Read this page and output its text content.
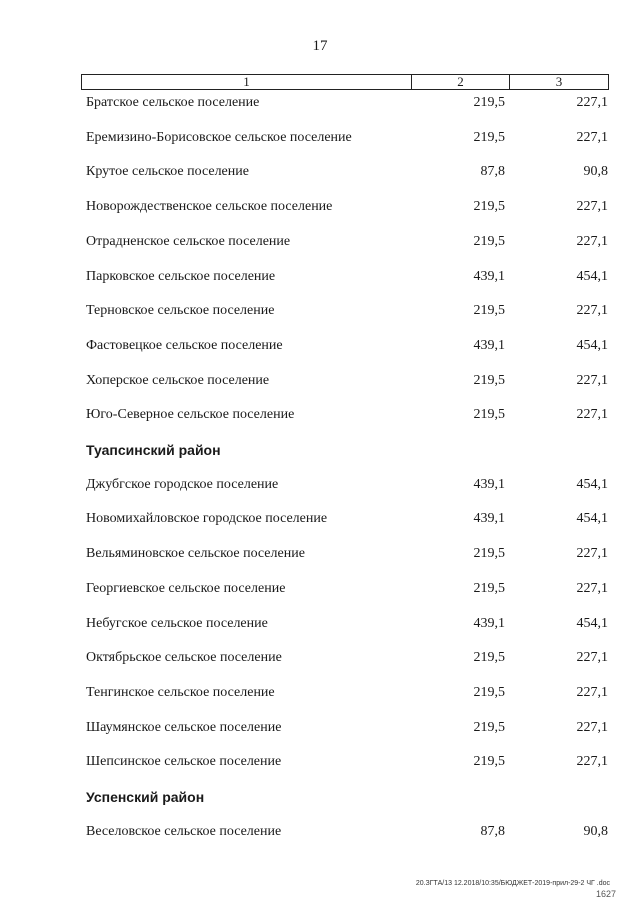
17
1	2	3
Братское сельское поселение	219,5	227,1
Еремизино-Борисовское сельское поселение	219,5	227,1
Крутое сельское поселение	87,8	90,8
Новорождественское сельское поселение	219,5	227,1
Отрадненское сельское поселение	219,5	227,1
Парковское сельское поселение	439,1	454,1
Терновское сельское поселение	219,5	227,1
Фастовецкое сельское поселение	439,1	454,1
Хоперское сельское поселение	219,5	227,1
Юго-Северное сельское поселение	219,5	227,1
Туапсинский район
Джубгское городское поселение	439,1	454,1
Новомихайловское городское поселение	439,1	454,1
Вельяминовское сельское поселение	219,5	227,1
Георгиевское сельское поселение	219,5	227,1
Небугское сельское поселение	439,1	454,1
Октябрьское сельское поселение	219,5	227,1
Тенгинское сельское поселение	219,5	227,1
Шаумянское сельское поселение	219,5	227,1
Шепсинское сельское поселение	219,5	227,1
Успенский район
Веселовское сельское поселение	87,8	90,8
20.ЗГТА/13 12.2018/10:35/БЮДЖЕТ-2019-прил-29-2 ЧГ .doc
1627
